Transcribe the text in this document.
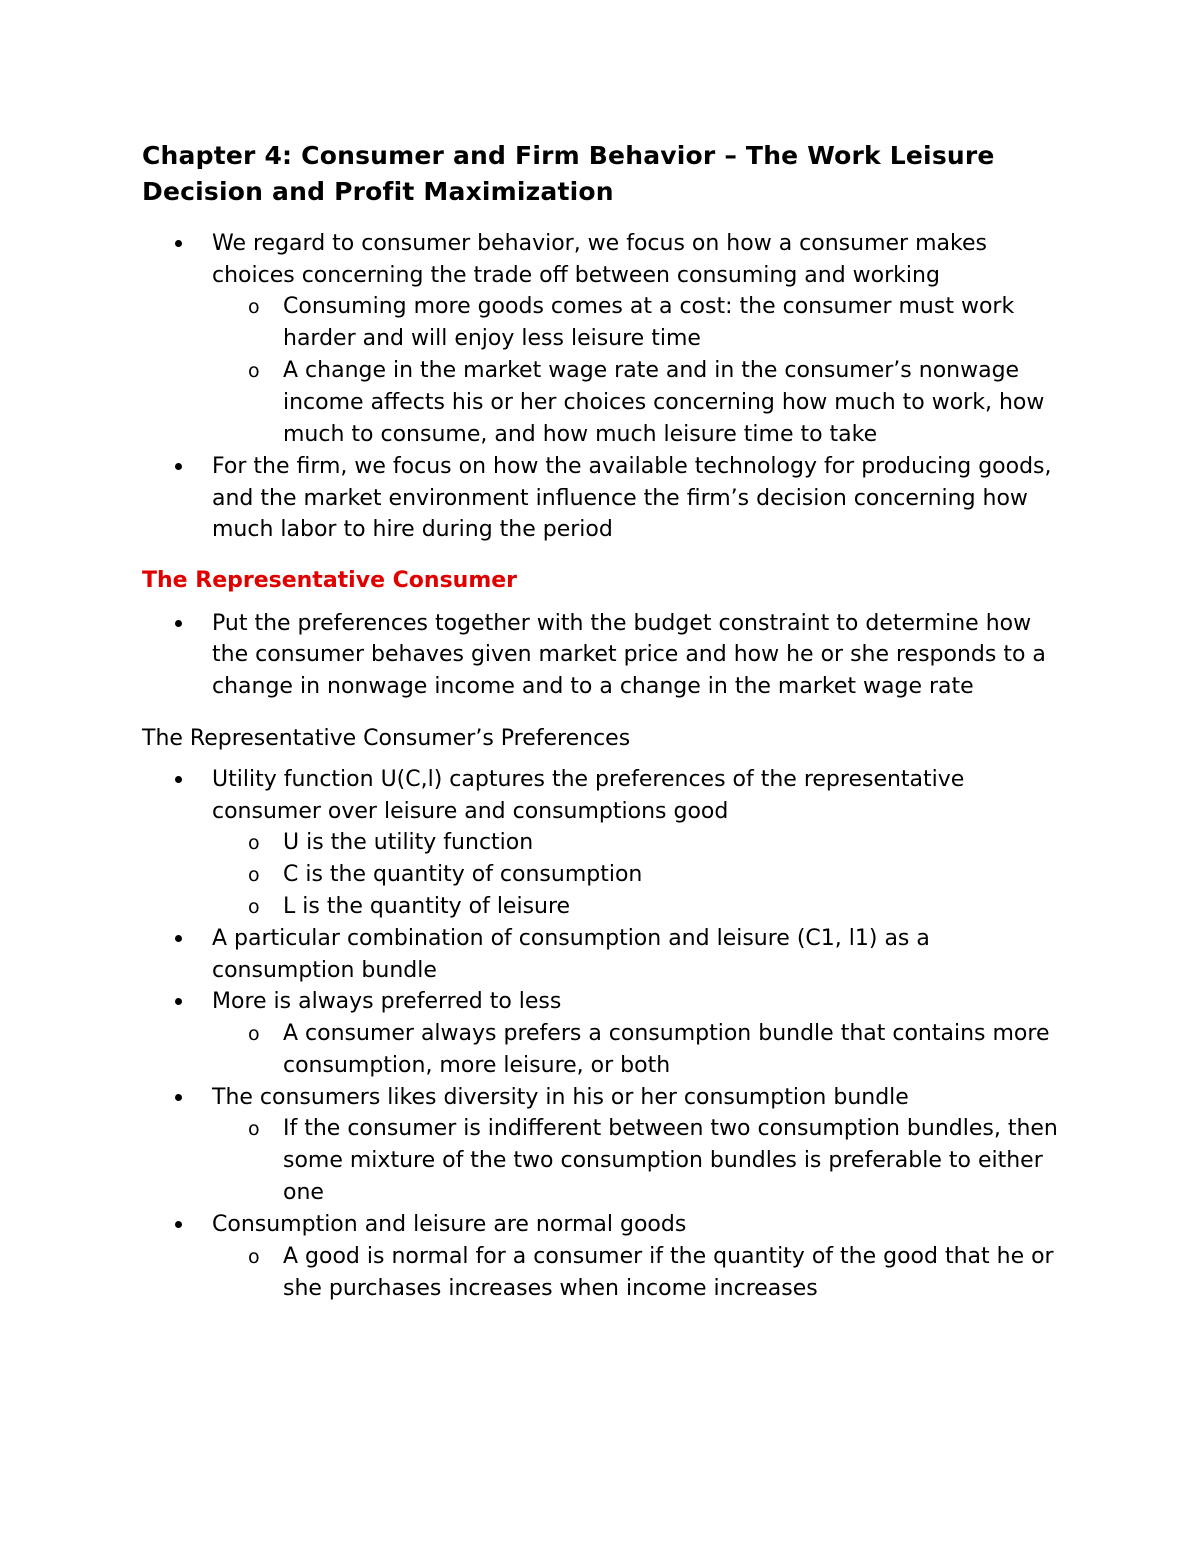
Chapter 4: Consumer and Firm Behavior – The Work Leisure Decision and Profit Maximization
We regard to consumer behavior, we focus on how a consumer makes choices concerning the trade off between consuming and working
o Consuming more goods comes at a cost: the consumer must work harder and will enjoy less leisure time
o A change in the market wage rate and in the consumer’s nonwage income affects his or her choices concerning how much to work, how much to consume, and how much leisure time to take
For the firm, we focus on how the available technology for producing goods, and the market environment influence the firm’s decision concerning how much labor to hire during the period
The Representative Consumer
Put the preferences together with the budget constraint to determine how the consumer behaves given market price and how he or she responds to a change in nonwage income and to a change in the market wage rate
The Representative Consumer’s Preferences
Utility function U(C,l) captures the preferences of the representative consumer over leisure and consumptions good
o U is the utility function
o C is the quantity of consumption
o L is the quantity of leisure
A particular combination of consumption and leisure (C1, l1) as a consumption bundle
More is always preferred to less
o A consumer always prefers a consumption bundle that contains more consumption, more leisure, or both
The consumers likes diversity in his or her consumption bundle
o If the consumer is indifferent between two consumption bundles, then some mixture of the two consumption bundles is preferable to either one
Consumption and leisure are normal goods
o A good is normal for a consumer if the quantity of the good that he or she purchases increases when income increases
